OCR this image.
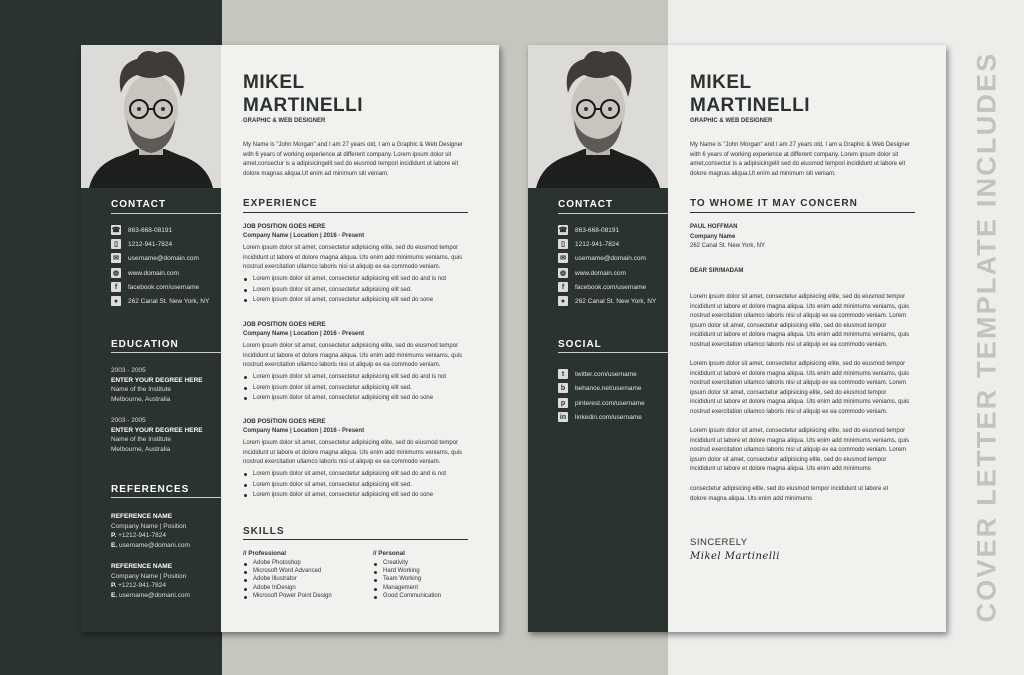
COVER LETTER TEMPLATE INCLUDES
CONTACT
☎ 863-668-08191
▯	1212-941-7824
✉	username@domain.com
◍	www.domain.com
f	facebook.com/username
●	262 Canal St. New York, NY
EDUCATION
2003 - 2005
ENTER YOUR DEGREE HERE
Name of the Institute
Melbourne, Australia
2003 - 2005
ENTER YOUR DEGREE HERE
Name of the Institute
Melbourne, Australia
REFERENCES
REFERENCE NAME
Company Name | Position
P. +1212-941-7824
E. username@domani.com
REFERENCE NAME
Company Name | Position
P. +1212-941-7824
E. username@domani.com
MIKEL
MARTINELLI
GRAPHIC & WEB DESIGNER
My Name is "John Morgan" and I am 27 years old, I am a Graphic & Web Designer
with 6 years of working experience at different company. Lorem ipsum dolor sit
amet,consectur is a adipisicingelit sed do eiusmod tempori incididunt ut labore eit
dolore magnas aliqua.Ut enim ad minimum siti veniam.
EXPERIENCE
JOB POSITION GOES HERE
Company Name | Location | 2016 - Present
Lorem ipsum dolor sit amet, consectetur adipisicing elite, sed do eiusmod tempor
incididunt ut labore et dolore magna aliqua. Uts enim add minimums veniams, quis
nostrud exercitation ullamco laboris nisi ut aliquip ex ea commodo veniam.
Lorem ipsum dolor sit amet, consectetur adipisicing elit sed do and is not
Lorem ipsum dolor sit amet, consectetur adipisicing elit sed.
Lorem ipsum dolor sit amet, consectetur adipisicing elit sed do sone
JOB POSITION GOES HERE
Company Name | Location | 2016 - Present
Lorem ipsum dolor sit amet, consectetur adipisicing elite, sed do eiusmod tempor
incididunt ut labore et dolore magna aliqua. Uts enim add minimums veniams, quis
nostrud exercitation ullamco laboris nisi ut aliquip ex ea commodo veniam.
Lorem ipsum dolor sit amet, consectetur adipisicing elit sed do and is not
Lorem ipsum dolor sit amet, consectetur adipisicing elit sed.
Lorem ipsum dolor sit amet, consectetur adipisicing elit sed do sone
JOB POSITION GOES HERE
Company Name | Location | 2016 - Present
Lorem ipsum dolor sit amet, consectetur adipisicing elite, sed do eiusmod tempor
incididunt ut labore et dolore magna aliqua. Uts enim add minimums veniams, quis
nostrud exercitation ullamco laboris nisi ut aliquip ex ea commodo veniam.
Lorem ipsum dolor sit amet, consectetur adipisicing elit sed do and is not
Lorem ipsum dolor sit amet, consectetur adipisicing elit sed.
Lorem ipsum dolor sit amet, consectetur adipisicing elit sed do sone
SKILLS
// Professional
Adobe Photoshop
Microsoft Word Advanced
Adobe Illustrator
Adobe InDesign
Microsoft Power Point Design
// Personal
Creativity
Hard Working
Team Working
Management
Good Communication
CONTACT
☎ 863-668-08191
▯	1212-941-7824
✉	username@domain.com
◍	www.domain.com
f	facebook.com/username
●	262 Canal St. New York, NY
SOCIAL
t	twitter.com/username
b	behance.net/username
p	pinterest.com/username
in linkedin.com/username
MIKEL
MARTINELLI
GRAPHIC & WEB DESIGNER
My Name is "John Morgan" and I am 27 years old, I am a Graphic & Web Designer
with 6 years of working experience at different company. Lorem ipsum dolor sit
amet,consectur is a adipisicingelit sed do eiusmod tempori incididunt ut labore eit
dolore magnas aliqua.Ut enim ad minimum siti veniam.
TO WHOME IT MAY CONCERN
PAUL HOFFMAN
Company Name
262 Canal St. New York, NY
DEAR SIR/MADAM
Lorem ipsum dolor sit amet, consectetur adipisicing elite, sed do eiusmod tempor
incididunt ut labore et dolore magna aliqua. Uts enim add minimums veniams, quis
nostrud exercitation ullamco laboris nisi ut aliquip ex ea commodo veniam. Lorem
ipsum dolor sit amet, consectetur adipisicing elite, sed do eiusmod tempor
incididunt ut labore et dolore magna aliqua. Uts enim add minimums veniams, quis
nostrud exercitation ullamco laboris nisi ut aliquip ex ea commodo veniam.
Lorem ipsum dolor sit amet, consectetur adipisicing elite, sed do eiusmod tempor
incididunt ut labore et dolore magna aliqua. Uts enim add minimums veniams, quis
nostrud exercitation ullamco laboris nisi ut aliquip ex ea commodo veniam. Lorem
ipsum dolor sit amet, consectetur adipisicing elite, sed do eiusmod tempor
incididunt ut labore et dolore magna aliqua. Uts enim add minimums veniams, quis
nostrud exercitation ullamco laboris nisi ut aliquip ex ea commodo veniam.
Lorem ipsum dolor sit amet, consectetur adipisicing elite, sed do eiusmod tempor
incididunt ut labore et dolore magna aliqua. Uts enim add minimums veniams, quis
nostrud exercitation ullamco laboris nisi ut aliquip ex ea commodo veniam. Lorem
ipsum dolor sit amet, consectetur adipisicing elite, sed do eiusmod tempor
incididunt ut labore et dolore magna aliqua. Uts enim add minimums
consectetur adipisicing elite, sed do eiusmod tempor incididunt ut labore et
dolore magna aliqua. Uts enim add minimums
SINCERELY
Mikel Martinelli
